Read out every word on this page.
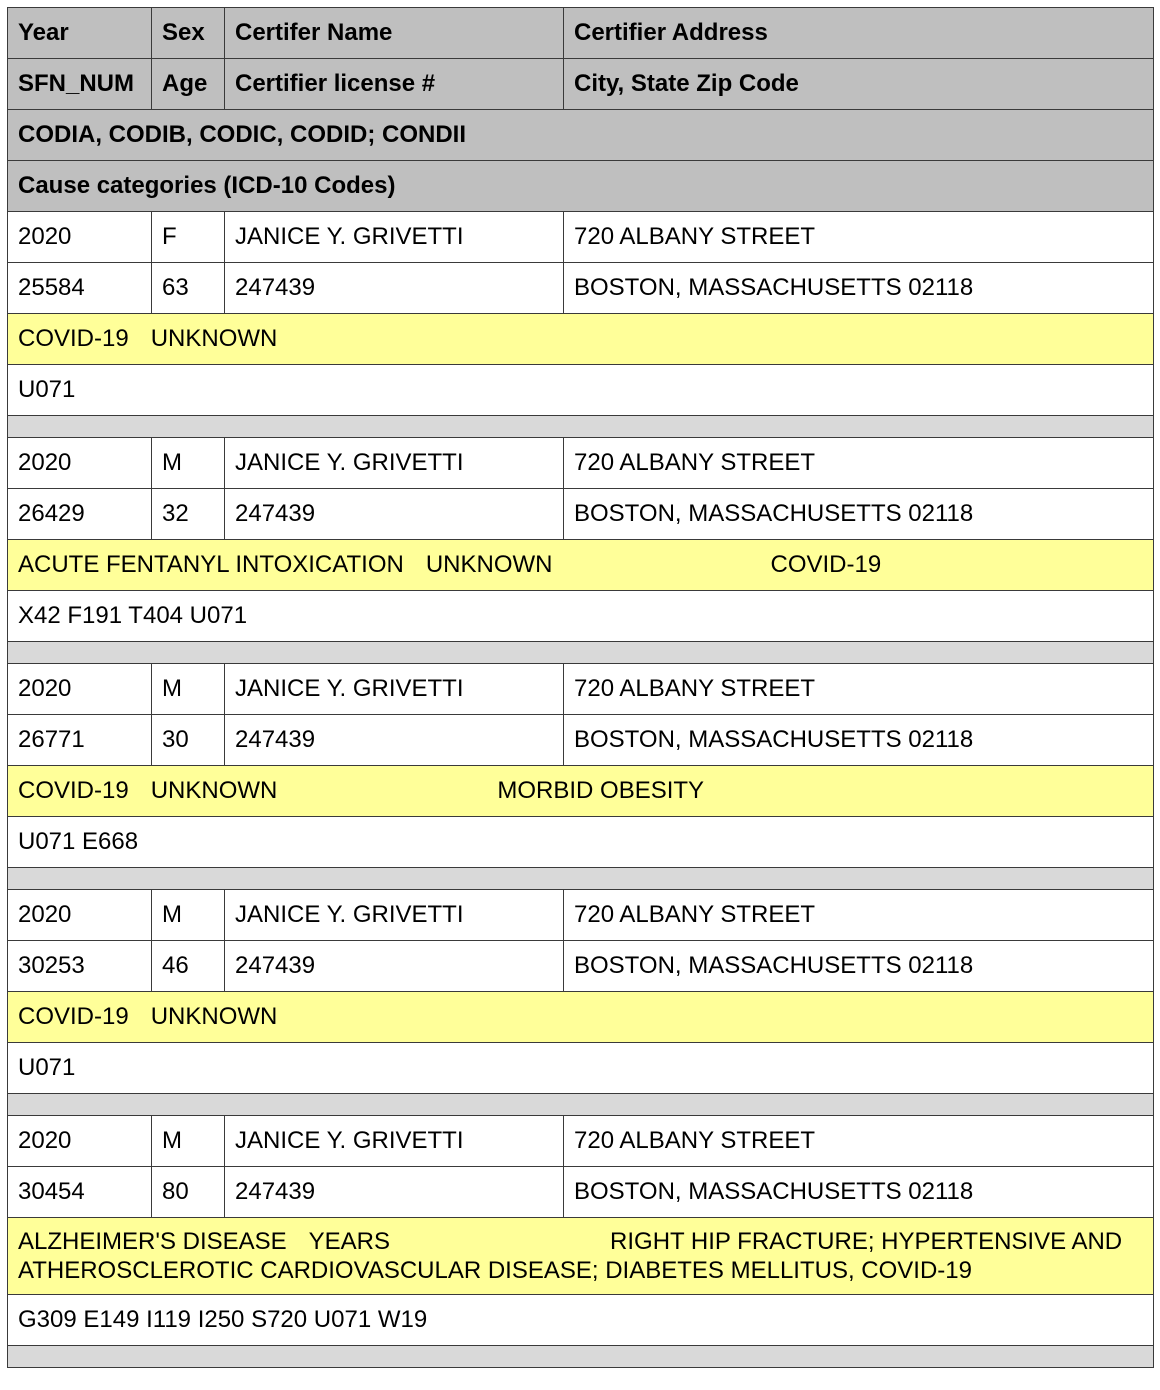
Year	Sex	Certifer Name	Certifier Address
SFN_NUM	Age	Certifier license #	City, State Zip Code
CODIA, CODIB, CODIC, CODID; CONDII			
Cause categories (ICD-10 Codes)			
2020	F	JANICE Y. GRIVETTI	720 ALBANY STREET
25584	63	247439	BOSTON, MASSACHUSETTS 02118
COVID-19 UNKNOWN			
U071			

2020	M	JANICE Y. GRIVETTI	720 ALBANY STREET
26429	32	247439	BOSTON, MASSACHUSETTS 02118
ACUTE FENTANYL INTOXICATION UNKNOWN COVID-19			
X42 F191 T404 U071			

2020	M	JANICE Y. GRIVETTI	720 ALBANY STREET
26771	30	247439	BOSTON, MASSACHUSETTS 02118
COVID-19 UNKNOWN MORBID OBESITY			
U071 E668			

2020	M	JANICE Y. GRIVETTI	720 ALBANY STREET
30253	46	247439	BOSTON, MASSACHUSETTS 02118
COVID-19 UNKNOWN			
U071			

2020	M	JANICE Y. GRIVETTI	720 ALBANY STREET
30454	80	247439	BOSTON, MASSACHUSETTS 02118
ALZHEIMER'S DISEASE YEARS RIGHT HIP FRACTURE; HYPERTENSIVE AND ATHEROSCLEROTIC CARDIOVASCULAR DISEASE; DIABETES MELLITUS, COVID-19			
G309 E149 I119 I250 S720 U071 W19			
